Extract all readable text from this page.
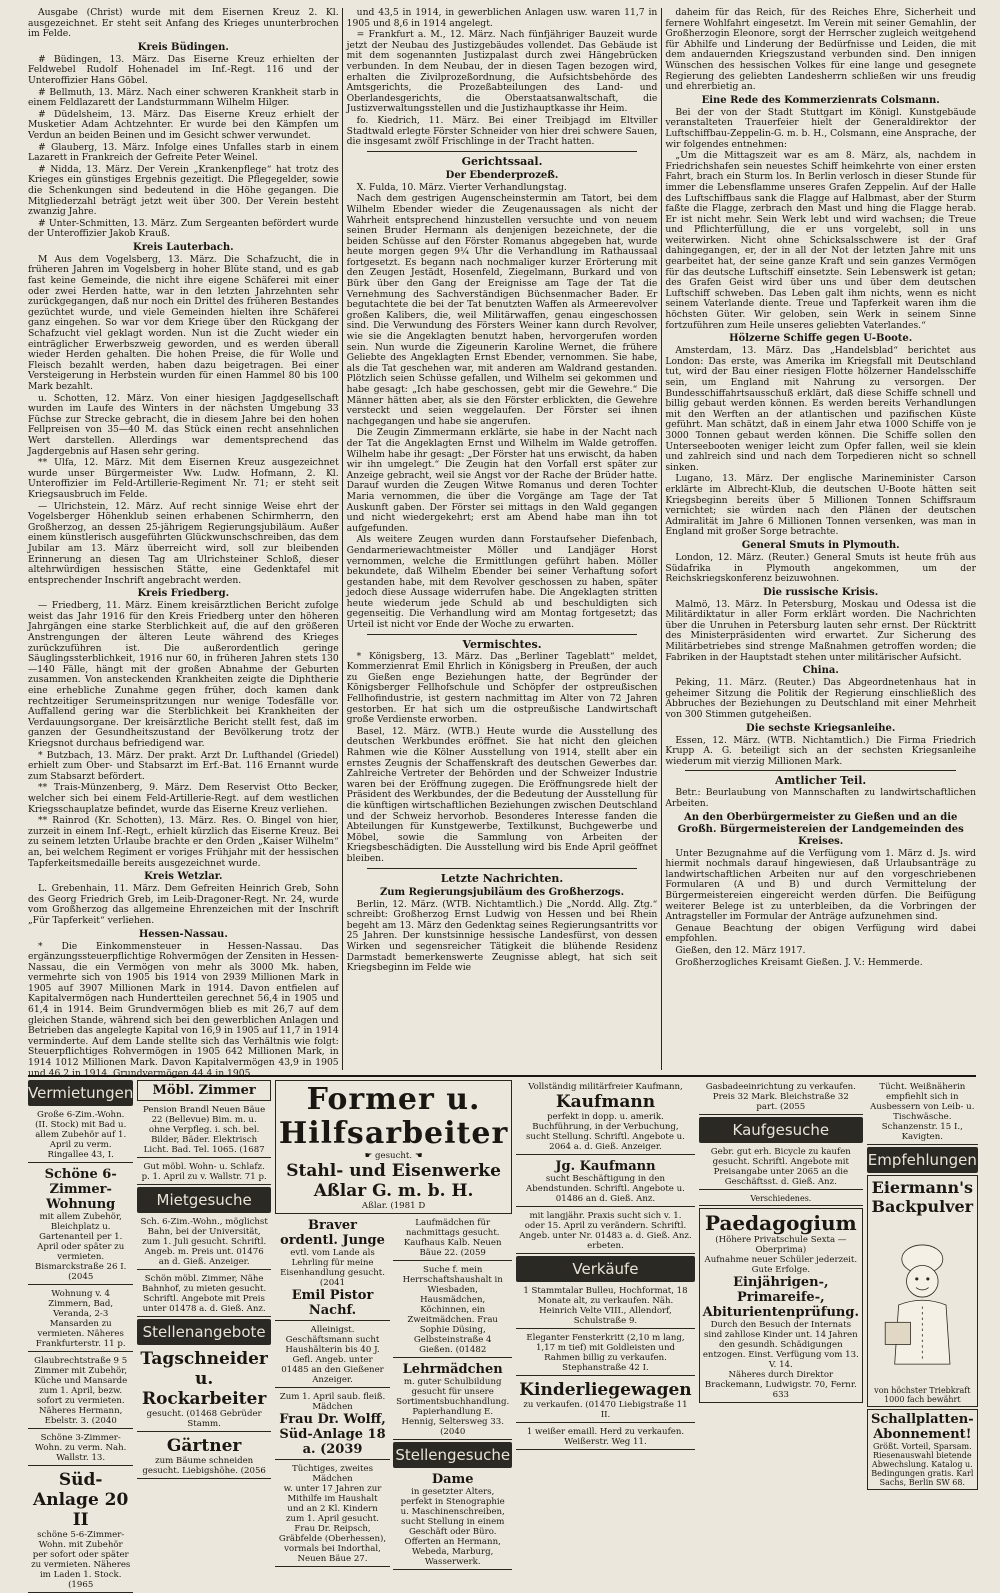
Ausgabe (Christ) wurde mit dem Eisernen Kreuz 2. Kl. ausgezeichnet. Er steht seit Anfang des Krieges ununterbrochen im Felde.

Kreis Büdingen.

# Büdingen, 13. März. Das Eiserne Kreuz erhielten der Feldwebel Rudolf Hohenadel im Inf.-Regt. 116 und der Unteroffizier Hans Göbel.

# Bellmuth, 13. März. Nach einer schweren Krankheit starb in einem Feldlazarett der Landsturmmann Wilhelm Hilger.

# Düdelsheim, 13. März. Das Eiserne Kreuz erhielt der Musketier Adam Achtzehnter. Er wurde bei den Kämpfen um Verdun an beiden Beinen und im Gesicht schwer verwundet.

# Glauberg, 13. März. Infolge eines Unfalles starb in einem Lazarett in Frankreich der Gefreite Peter Weinel.

# Nidda, 13. März. Der Verein „Krankenpflege“ hat trotz des Krieges ein günstiges Ergebnis gezeitigt. Die Pflegegelder, sowie die Schenkungen sind bedeutend in die Höhe gegangen. Die Mitgliederzahl beträgt jetzt weit über 300. Der Verein besteht zwanzig Jahre.

# Unter-Schmitten, 13. März. Zum Sergeanten befördert wurde der Unteroffizier Jakob Krauß.

Kreis Lauterbach.

M Aus dem Vogelsberg, 13. März. Die Schafzucht, die in früheren Jahren im Vogelsberg in hoher Blüte stand, und es gab fast keine Gemeinde, die nicht ihre eigene Schäferei mit einer oder zwei Herden hatte, war in den letzten Jahrzehnten sehr zurückgegangen, daß nur noch ein Drittel des früheren Bestandes gezüchtet wurde, und viele Gemeinden hielten ihre Schäferei ganz eingehen. So war vor dem Kriege über den Rückgang der Schafzucht viel geklagt worden. Nun ist die Zucht wieder ein einträglicher Erwerbszweig geworden, und es werden überall wieder Herden gehalten. Die hohen Preise, die für Wolle und Fleisch bezahlt werden, haben dazu beigetragen. Bei einer Versteigerung in Herbstein wurden für einen Hammel 80 bis 100 Mark bezahlt.

u. Schotten, 12. März. Von einer hiesigen Jagdgesellschaft wurden im Laufe des Winters in der nächsten Umgebung 33 Füchse zur Strecke gebracht, die in diesem Jahre bei den hohen Fellpreisen von 35—40 M. das Stück einen recht ansehnlichen Wert darstellen. Allerdings war dementsprechend das Jagdergebnis auf Hasen sehr gering.

** Ulfa, 12. März. Mit dem Eisernen Kreuz ausgezeichnet wurde unser Bürgermeister Ww. Ludw. Hofmann, 2. Kl. Unteroffizier im Feld-Artillerie-Regiment Nr. 71; er steht seit Kriegsausbruch im Felde.

— Ulrichstein, 12. März. Auf recht sinnige Weise ehrt der Vogelsberger Höhenklub seinen erhabenen Schirmherrn, den Großherzog, an dessen 25-jährigem Regierungsjubiläum. Außer einem künstlerisch ausgeführten Glückwunschschreiben, das dem Jubilar am 13. März überreicht wird, soll zur bleibenden Erinnerung an diesen Tag am Ulrichsteiner Schloß, dieser altehrwürdigen hessischen Stätte, eine Gedenktafel mit entsprechender Inschrift angebracht werden.

Kreis Friedberg.

— Friedberg, 11. März. Einem kreisärztlichen Bericht zufolge weist das Jahr 1916 für den Kreis Friedberg unter den höheren Jahrgängen eine starke Sterblichkeit auf, die auf den größeren Anstrengungen der älteren Leute während des Krieges zurückzuführen ist. Die außerordentlich geringe Säuglingssterblichkeit, 1916 nur 60, in früheren Jahren stets 130—140 Fälle, hängt mit der großen Abnahme der Geburten zusammen. Von ansteckenden Krankheiten zeigte die Diphtherie eine erhebliche Zunahme gegen früher, doch kamen dank rechtzeitiger Serumeinspritzungen nur wenige Todesfälle vor. Auffallend gering war die Sterblichkeit bei Krankheiten der Verdauungsorgane. Der kreisärztliche Bericht stellt fest, daß im ganzen der Gesundheitszustand der Bevölkerung trotz der Kriegsnot durchaus befriedigend war.

* Butzbach, 13. März. Der prakt. Arzt Dr. Lufthandel (Griedel) erhielt zum Ober- und Stabsarzt im Erf.-Bat. 116 Ernannt wurde zum Stabsarzt befördert.

** Trais-Münzenberg, 9. März. Dem Reservist Otto Becker, welcher sich bei einem Feld-Artillerie-Regt. auf dem westlichen Kriegsschauplatze befindet, wurde das Eiserne Kreuz verliehen.

** Rainrod (Kr. Schotten), 13. März. Res. O. Bingel von hier, zurzeit in einem Inf.-Regt., erhielt kürzlich das Eiserne Kreuz. Bei zu seinem letzten Urlaube brachte er den Orden „Kaiser Wilhelm“ an, bei welchem Regiment er voriges Frühjahr mit der hessischen Tapferkeitsmedaille bereits ausgezeichnet wurde.

Kreis Wetzlar.

L. Grebenhain, 11. März. Dem Gefreiten Heinrich Greb, Sohn des Georg Friedrich Greb, im Leib-Dragoner-Regt. Nr. 24, wurde vom Großherzog das allgemeine Ehrenzeichen mit der Inschrift „Für Tapferkeit“ verliehen.

Hessen-Nassau.

* Die Einkommensteuer in Hessen-Nassau. Das ergänzungssteuerpflichtige Rohvermögen der Zensiten in Hessen-Nassau, die ein Vermögen von mehr als 3000 Mk. haben, vermehrte sich von 1905 bis 1914 von 2939 Millionen Mark in 1905 auf 3907 Millionen Mark in 1914. Davon entfielen auf Kapitalvermögen nach Hundertteilen gerechnet 56,4 in 1905 und 61,4 in 1914. Beim Grundvermögen blieb es mit 26,7 auf dem gleichen Stande, während sich bei den gewerblichen Anlagen und Betrieben das angelegte Kapital von 16,9 in 1905 auf 11,7 in 1914 verminderte. Auf dem Lande stellte sich das Verhältnis wie folgt: Steuerpflichtiges Rohvermögen in 1905 642 Millionen Mark, in 1914 1012 Millionen Mark. Davon Kapitalvermögen 43,9 in 1905 und 46,2 in 1914, Grundvermögen 44,4 in 1905

und 43,5 in 1914, in gewerblichen Anlagen usw. waren 11,7 in 1905 und 8,6 in 1914 angelegt.

= Frankfurt a. M., 12. März. Nach fünfjähriger Bauzeit wurde jetzt der Neubau des Justizgebäudes vollendet. Das Gebäude ist mit dem sogenannten Justizpalast durch zwei Hängebrücken verbunden. In dem Neubau, der in diesen Tagen bezogen wird, erhalten die Zivilprozeßordnung, die Aufsichtsbehörde des Amtsgerichts, die Prozeßabteilungen des Land- und Oberlandesgerichts, die Oberstaatsanwaltschaft, die Justizverwaltungsstellen und die Justizhauptkasse ihr Heim.

fo. Kiedrich, 11. März. Bei einer Treibjagd im Eltviller Stadtwald erlegte Förster Schneider von hier drei schwere Sauen, die insgesamt zwölf Frischlinge in der Tracht hatten.

Gerichtssaal.
Der Ebenderprozeß.

X. Fulda, 10. März. Vierter Verhandlungstag.

Nach dem gestrigen Augenscheinstermin am Tatort, bei dem Wilhelm Ebender wieder die Zeugenaussagen als nicht der Wahrheit entsprechend hinzustellen versuchte und von neuem seinen Bruder Hermann als denjenigen bezeichnete, der die beiden Schüsse auf den Förster Romanus abgegeben hat, wurde heute morgen gegen 9¼ Uhr die Verhandlung im Rathaussaal fortgesetzt. Es begann nach nochmaliger kurzer Erörterung mit den Zeugen Jestädt, Hosenfeld, Ziegelmann, Burkard und von Bürk über den Gang der Ereignisse am Tage der Tat die Vernehmung des Sachverständigen Büchsenmacher Bader. Er begutachtete die bei der Tat benutzten Waffen als Armeerevolver großen Kalibers, die, weil Militärwaffen, genau eingeschossen sind. Die Verwundung des Försters Weiner kann durch Revolver, wie sie die Angeklagten benutzt haben, hervorgerufen worden sein. Nun wurde die Zigeunerin Karoline Wernet, die frühere Geliebte des Angeklagten Ernst Ebender, vernommen. Sie habe, als die Tat geschehen war, mit anderen am Waldrand gestanden. Plötzlich seien Schüsse gefallen, und Wilhelm sei gekommen und habe gesagt: „Ich habe geschossen, gebt mir die Gewehre.“ Die Männer hätten aber, als sie den Förster erblickten, die Gewehre versteckt und seien weggelaufen. Der Förster sei ihnen nachgegangen und habe sie angerufen.

Die Zeugin Zimmermann erklärte, sie habe in der Nacht nach der Tat die Angeklagten Ernst und Wilhelm im Walde getroffen. Wilhelm habe ihr gesagt: „Der Förster hat uns erwischt, da haben wir ihn umgelegt.“ Die Zeugin hat den Vorfall erst später zur Anzeige gebracht, weil sie Angst vor der Rache der Brüder hatte. Darauf wurden die Zeugen Witwe Romanus und deren Tochter Maria vernommen, die über die Vorgänge am Tage der Tat Auskunft gaben. Der Förster sei mittags in den Wald gegangen und nicht wiedergekehrt; erst am Abend habe man ihn tot aufgefunden.

Als weitere Zeugen wurden dann Forstaufseher Diefenbach, Gendarmeriewachtmeister Möller und Landjäger Horst vernommen, welche die Ermittlungen geführt haben. Möller bekundete, daß Wilhelm Ebender bei seiner Verhaftung sofort gestanden habe, mit dem Revolver geschossen zu haben, später jedoch diese Aussage widerrufen habe. Die Angeklagten stritten heute wiederum jede Schuld ab und beschuldigten sich gegenseitig. Die Verhandlung wird am Montag fortgesetzt; das Urteil ist nicht vor Ende der Woche zu erwarten.

Vermischtes.

* Königsberg, 13. März. Das „Berliner Tageblatt“ meldet, Kommerzienrat Emil Ehrlich in Königsberg in Preußen, der auch zu Gießen enge Beziehungen hatte, der Begründer der Königsberger Fellhofschule und Schöpfer der ostpreußischen Fellhofindustrie, ist gestern nachmittag im Alter von 72 Jahren gestorben. Er hat sich um die ostpreußische Landwirtschaft große Verdienste erworben.

Basel, 12. März. (WTB.) Heute wurde die Ausstellung des deutschen Werkbundes eröffnet. Sie hat nicht den gleichen Rahmen wie die Kölner Ausstellung von 1914, stellt aber ein ernstes Zeugnis der Schaffenskraft des deutschen Gewerbes dar. Zahlreiche Vertreter der Behörden und der Schweizer Industrie waren bei der Eröffnung zugegen. Die Eröffnungsrede hielt der Präsident des Werkbundes, der die Bedeutung der Ausstellung für die künftigen wirtschaftlichen Beziehungen zwischen Deutschland und der Schweiz hervorhob. Besonderes Interesse fanden die Abteilungen für Kunstgewerbe, Textilkunst, Buchgewerbe und Möbel, sowie die Sammlung von Arbeiten der Kriegsbeschädigten. Die Ausstellung wird bis Ende April geöffnet bleiben.

Letzte Nachrichten.
Zum Regierungsjubiläum des Großherzogs.

Berlin, 12. März. (WTB. Nichtamtlich.) Die „Nordd. Allg. Ztg.“ schreibt: Großherzog Ernst Ludwig von Hessen und bei Rhein begeht am 13. März den Gedenktag seines Regierungsantritts vor 25 Jahren. Der kunstsinnige hessische Landesfürst, von dessen Wirken und segensreicher Tätigkeit die blühende Residenz Darmstadt bemerkenswerte Zeugnisse ablegt, hat sich seit Kriegsbeginn im Felde wie

daheim für das Reich, für des Reiches Ehre, Sicherheit und fernere Wohlfahrt eingesetzt. Im Verein mit seiner Gemahlin, der Großherzogin Eleonore, sorgt der Herrscher zugleich weitgehend für Abhilfe und Linderung der Bedürfnisse und Leiden, die mit dem andauernden Kriegszustand verbunden sind. Den innigen Wünschen des hessischen Volkes für eine lange und gesegnete Regierung des geliebten Landesherrn schließen wir uns freudig und ehrerbietig an.

Eine Rede des Kommerzienrats Colsmann.

Bei der von der Stadt Stuttgart im Königl. Kunstgebäude veranstalteten Trauerfeier hielt der Generaldirektor der Luftschiffbau-Zeppelin-G. m. b. H., Colsmann, eine Ansprache, der wir folgendes entnehmen:

„Um die Mittagszeit war es am 8. März, als, nachdem in Friedrichshafen sein neuestes Schiff heimkehrte von einer ersten Fahrt, brach ein Sturm los. In Berlin verlosch in dieser Stunde für immer die Lebensflamme unseres Grafen Zeppelin. Auf der Halle des Luftschiffbaus sank die Flagge auf Halbmast, aber der Sturm faßte die Flagge, zerbrach den Mast und hing die Flagge herab. Er ist nicht mehr. Sein Werk lebt und wird wachsen; die Treue und Pflichterfüllung, die er uns vorgelebt, soll in uns weiterwirken. Nicht ohne Schicksalsschwere ist der Graf dahingegangen, er, der in all der Not der letzten Jahre mit uns gearbeitet hat, der seine ganze Kraft und sein ganzes Vermögen für das deutsche Luftschiff einsetzte. Sein Lebenswerk ist getan; des Grafen Geist wird über uns und über dem deutschen Luftschiff schweben. Das Leben galt ihm nichts, wenn es nicht seinem Vaterlande diente. Treue und Tapferkeit waren ihm die höchsten Güter. Wir geloben, sein Werk in seinem Sinne fortzuführen zum Heile unseres geliebten Vaterlandes.“

Hölzerne Schiffe gegen U-Boote.

Amsterdam, 13. März. Das „Handelsblad“ berichtet aus London: Das erste, was Amerika im Kriegsfall mit Deutschland tut, wird der Bau einer riesigen Flotte hölzerner Handelsschiffe sein, um England mit Nahrung zu versorgen. Der Bundesschiffahrtsausschuß erklärt, daß diese Schiffe schnell und billig gebaut werden können. Es werden bereits Verhandlungen mit den Werften an der atlantischen und pazifischen Küste geführt. Man schätzt, daß in einem Jahr etwa 1000 Schiffe von je 3000 Tonnen gebaut werden können. Die Schiffe sollen den Unterseebooten weniger leicht zum Opfer fallen, weil sie klein und zahlreich sind und nach dem Torpedieren nicht so schnell sinken.

Lugano, 13. März. Der englische Marineminister Carson erklärte im Albrecht-Klub, die deutschen U-Boote hätten seit Kriegsbeginn bereits über 5 Millionen Tonnen Schiffsraum vernichtet; sie würden nach den Plänen der deutschen Admiralität im Jahre 6 Millionen Tonnen versenken, was man in England mit großer Sorge betrachte.

General Smuts in Plymouth.

London, 12. März. (Reuter.) General Smuts ist heute früh aus Südafrika in Plymouth angekommen, um der Reichskriegskonferenz beizuwohnen.

Die russische Krisis.

Malmö, 13. März. In Petersburg, Moskau und Odessa ist die Militärdiktatur in aller Form erklärt worden. Die Nachrichten über die Unruhen in Petersburg lauten sehr ernst. Der Rücktritt des Ministerpräsidenten wird erwartet. Zur Sicherung des Militärbetriebes sind strenge Maßnahmen getroffen worden; die Fabriken in der Hauptstadt stehen unter militärischer Aufsicht.

China.

Peking, 11. März. (Reuter.) Das Abgeordnetenhaus hat in geheimer Sitzung die Politik der Regierung einschließlich des Abbruches der Beziehungen zu Deutschland mit einer Mehrheit von 300 Stimmen gutgeheißen.

Die sechste Kriegsanleihe.

Essen, 12. März. (WTB. Nichtamtlich.) Die Firma Friedrich Krupp A. G. beteiligt sich an der sechsten Kriegsanleihe wiederum mit vierzig Millionen Mark.

Amtlicher Teil.

Betr.: Beurlaubung von Mannschaften zu landwirtschaftlichen Arbeiten.

An den Oberbürgermeister zu Gießen und an die Großh. Bürgermeistereien der Landgemeinden des Kreises.

Unter Bezugnahme auf die Verfügung vom 1. März d. Js. wird hiermit nochmals darauf hingewiesen, daß Urlaubsanträge zu landwirtschaftlichen Arbeiten nur auf den vorgeschriebenen Formularen (A und B) und durch Vermittelung der Bürgermeistereien eingereicht werden dürfen. Die Beifügung weiterer Belege ist zu unterbleiben, da die Vorbringen der Antragsteller im Formular der Anträge aufzunehmen sind.

Genaue Beachtung der obigen Verfügung wird dabei empfohlen.

Gießen, den 12. März 1917.

Großherzogliches Kreisamt Gießen. J. V.: Hemmerde.

Vermietungen
Große 6-Zim.-Wohn. (II. Stock) mit Bad u. allem Zubehör auf 1. April zu verm. Ringallee 43, I.
Schöne 6-Zimmer-Wohnung
mit allem Zubehör, Bleichplatz u. Gartenanteil per 1. April oder später zu vermieten. Bismarckstraße 26 I. (2045
Wohnung v. 4 Zimmern, Bad, Veranda, 2-3 Mansarden zu vermieten. Näheres Frankfurterstr. 11 p.
Glaubrechtstraße 9 5 Zimmer mit Zubehör, Küche und Mansarde zum 1. April, bezw. sofort zu vermieten. Näheres Hermann, Ebelstr. 3. (2040
Schöne 3-Zimmer-Wohn. zu verm. Nah. Wallstr. 13.
Süd-Anlage 20 II
schöne 5-6-Zimmer-Wohn. mit Zubehör per sofort oder später zu vermieten. Näheres im Laden 1. Stock. (1965
Möbl. Zimmer
Pension Brandl Neuen Bäue 22 (Bellevue) Bim. m. u. ohne Verpfleg. i. sch. bel. Bilder, Bäder. Elektrisch Licht. Bad. Tel. 1065. (1687
Gut möbl. Wohn- u. Schlafz. p. 1. April zu v. Wallstr. 71 p.
Mietgesuche
Sch. 6-Zim.-Wohn., möglichst Bahn, bei der Universität, zum 1. Juli gesucht. Schriftl. Angeb. m. Preis unt. 01476 an d. Gieß. Anzeiger.
Schön möbl. Zimmer, Nähe Bahnhof, zu mieten gesucht. Schriftl. Angebote mit Preis unter 01478 a. d. Gieß. Anz.
Stellenangebote
Tagschneider u. Rockarbeiter
gesucht. (01468 Gebrüder Stamm.
Gärtner
zum Bäume schneiden gesucht. Liebigshöhe. (2056
Former u. Hilfsarbeiter
☛ gesucht. ☚
Stahl- und Eisenwerke Aßlar G. m. b. H.
Aßlar. (1981 D
Braver ordentl. Junge
evtl. vom Lande als Lehrling für meine Eisenhandlung gesucht. (2041
Emil Pistor Nachf.
Alleinigst. Geschäftsmann sucht Haushälterin bis 40 J. Gefl. Angeb. unter 01485 an den Gießener Anzeiger.
Zum 1. April saub. fleiß. Mädchen
Frau Dr. Wolff, Süd-Anlage 18 a. (2039
Tüchtiges, zweites Mädchen
w. unter 17 Jahren zur Mithilfe im Haushalt und an 2 Kl. Kindern zum 1. April gesucht. Frau Dr. Reipsch, Gräbfelde (Oberhessen), vormals bei Indorthal, Neuen Bäue 27.
Laufmädchen für nachmittags gesucht. Kaufhaus Kalb. Neuen Bäue 22. (2059
Suche f. mein Herrschaftshaushalt in Wiesbaden, Hausmädchen, Köchinnen, ein Zweitmädchen. Frau Sophie Düsing, Gelbsteinstraße 4 Gießen. (01482
Lehrmädchen
m. guter Schulbildung gesucht für unsere Sortimentsbuchhandlung. Papierhandlung E. Hennig, Seltersweg 33. (2040
Stellengesuche
Dame
in gesetzter Alters, perfekt in Stenographie u. Maschinenschreiben, sucht Stellung in einem Geschäft oder Büro. Offerten an Hermann, Webeda, Marburg, Wasserwerk.
Vollständig militärfreier Kaufmann,
Kaufmann
perfekt in dopp. u. amerik. Buchführung, in der Verbuchung, sucht Stellung. Schriftl. Angebote u. 2064 a. d. Gieß. Anzeiger.
Jg. Kaufmann
sucht Beschäftigung in den Abendstunden. Schriftl. Angebote u. 01486 an d. Gieß. Anz.
mit langjähr. Praxis sucht sich v. 1. oder 15. April zu verändern. Schriftl. Angeb. unter Nr. 01483 a. d. Gieß. Anz. erbeten.
Verkäufe
1 Stammtalar Bulleu, Hochformat, 18 Monate alt, zu verkaufen. Näh. Heinrich Velte VIII., Allendorf, Schulstraße 9.
Eleganter Fensterkritt (2,10 m lang, 1,17 m tief) mit Goldleisten und Rahmen billig zu verkaufen. Stephanstraße 42 I.
Kinderliegewagen
zu verkaufen. (01470 Liebigstraße 11 II.
1 weißer emaill. Herd zu verkaufen. Weißerstr. Weg 11.
Gasbadeeinrichtung zu verkaufen. Preis 32 Mark. Bleichstraße 32 part. (2055
Kaufgesuche
Gebr. gut erh. Bicycle zu kaufen gesucht. Schriftl. Angebote mit Preisangabe unter 2065 an die Geschäftsst. d. Gieß. Anz.
Verschiedenes.
Paedagogium
(Höhere Privatschule Sexta — Oberprima)
Aufnahme neuer Schüler jederzeit. Gute Erfolge.
Einjährigen-, Primareife-, Abiturientenprüfung.
Durch den Besuch der Internats sind zahllose Kinder unt. 14 Jahren den gesundh. Schädigungen entzogen. Einst. Verfügung vom 13. V. 14.
Näheres durch Direktor Brackemann, Ludwigstr. 70, Fernr. 633
Tücht. Weißnäherin empfiehlt sich in Ausbessern von Leib- u. Tischwäsche. Schanzenstr. 15 I., Kavigten.
Empfehlungen
Eiermann's Backpulver
von höchster Triebkraft 1000 fach bewährt
Schallplatten-Abonnement!
Größt. Vorteil, Sparsam. Riesenauswahl bietende Abwechslung. Katalog u. Bedingungen gratis. Karl Sachs, Berlin SW 68.
